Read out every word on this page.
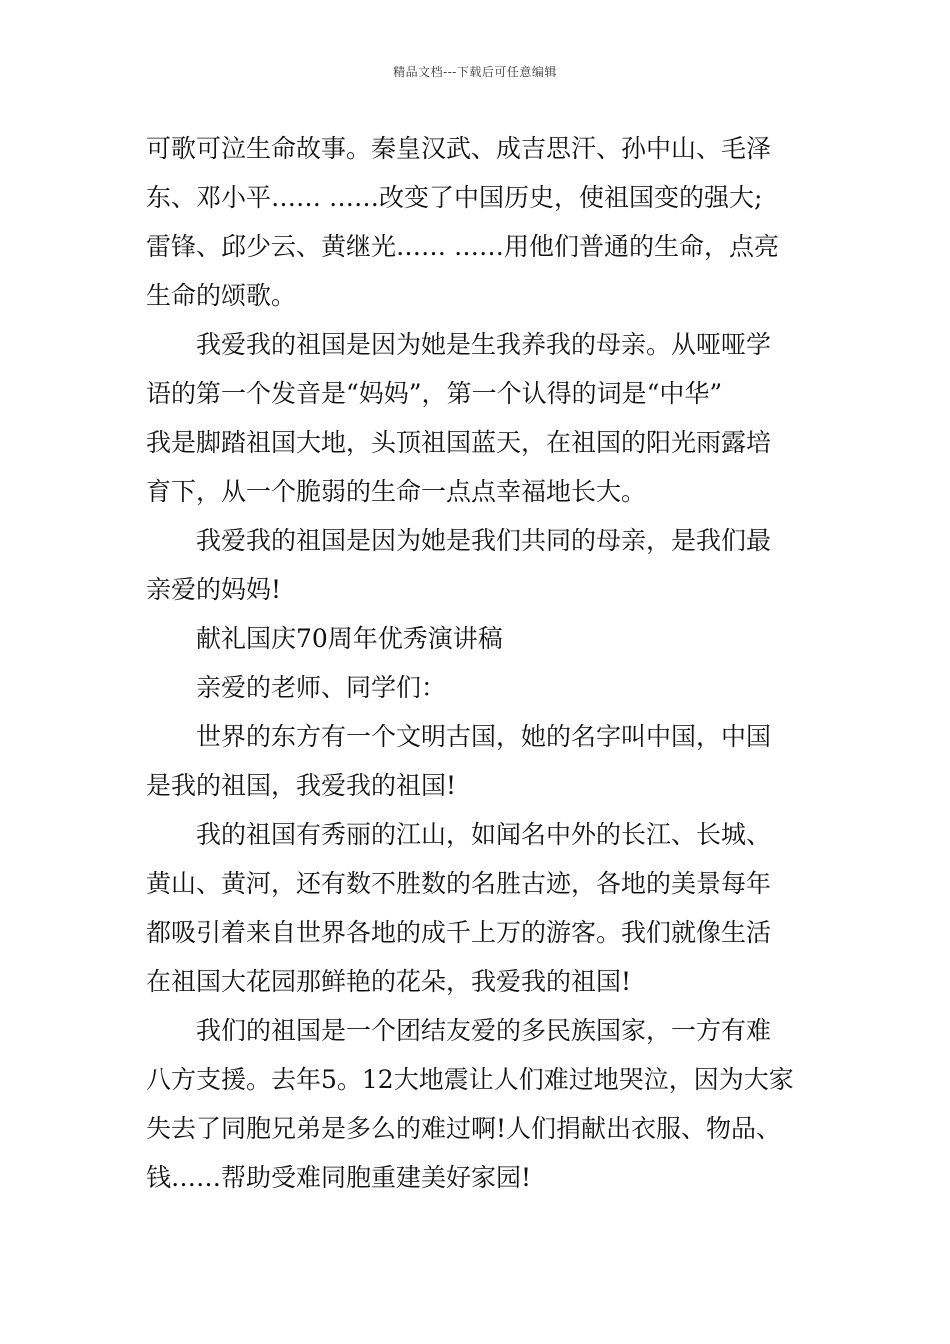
精品文档---下载后可任意编辑

可歌可泣生命故事。秦皇汉武、成吉思汗、孙中山、毛泽
东、邓小平…… ……改变了中国历史，使祖国变的强大;
雷锋、邱少云、黄继光…… ……用他们普通的生命，点亮
生命的颂歌。

我爱我的祖国是因为她是生我养我的母亲。从哑哑学
语的第一个发音是“妈妈”，第一个认得的词是“中华”
我是脚踏祖国大地，头顶祖国蓝天，在祖国的阳光雨露培
育下，从一个脆弱的生命一点点幸福地长大。

我爱我的祖国是因为她是我们共同的母亲，是我们最
亲爱的妈妈!

献礼国庆70周年优秀演讲稿

亲爱的老师、同学们：

世界的东方有一个文明古国，她的名字叫中国，中国
是我的祖国，我爱我的祖国!

我的祖国有秀丽的江山，如闻名中外的长江、长城、
黄山、黄河，还有数不胜数的名胜古迹，各地的美景每年
都吸引着来自世界各地的成千上万的游客。我们就像生活
在祖国大花园那鲜艳的花朵，我爱我的祖国!

我们的祖国是一个团结友爱的多民族国家，一方有难
八方支援。去年5。12大地震让人们难过地哭泣，因为大家
失去了同胞兄弟是多么的难过啊!人们捐献出衣服、物品、
钱……帮助受难同胞重建美好家园!
